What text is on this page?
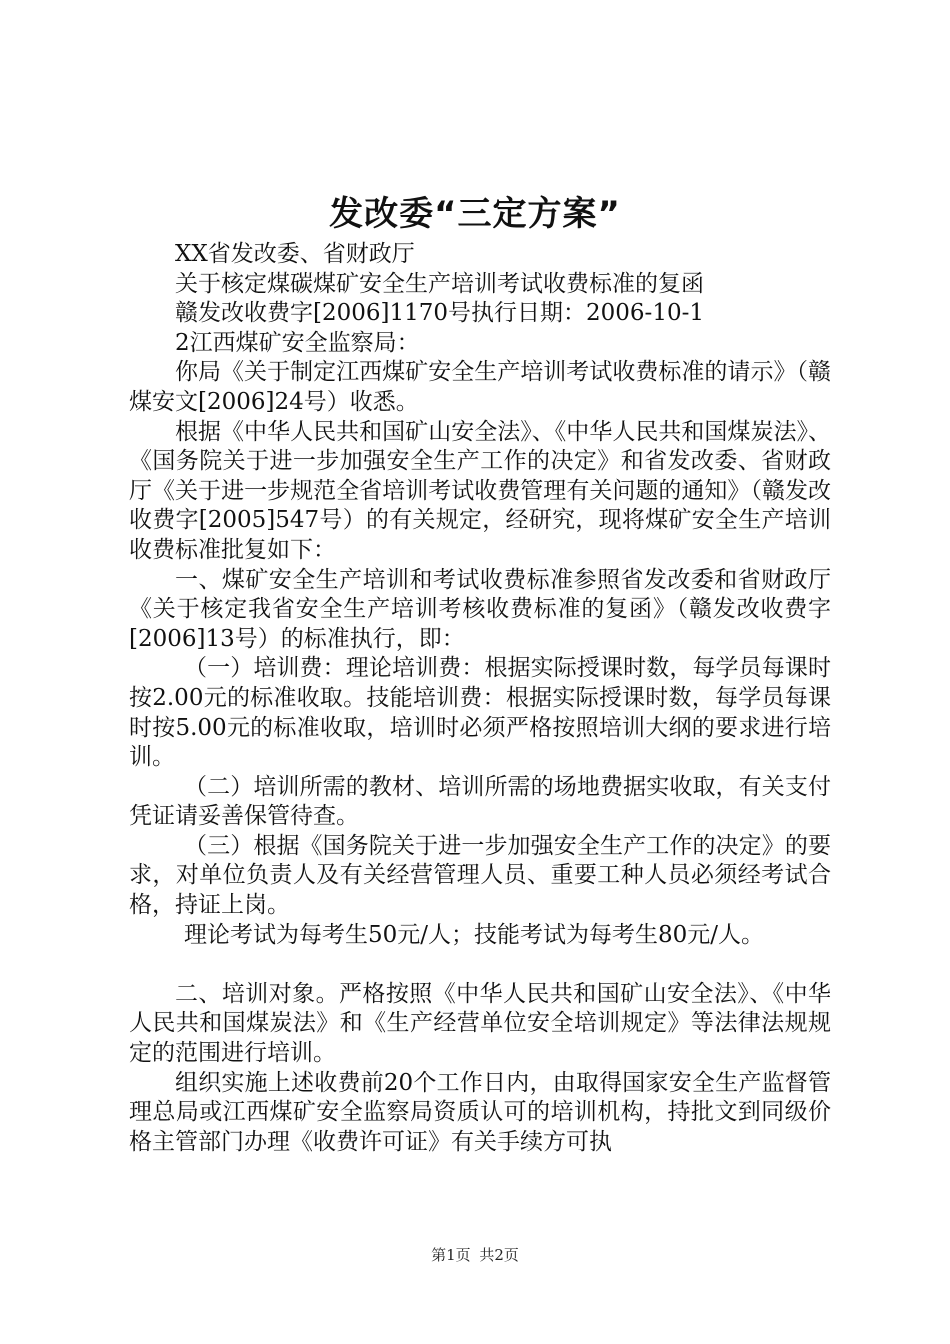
发改委“三定方案”

XX省发改委、省财政厅

关于核定煤碳煤矿安全生产培训考试收费标准的复函

赣发改收费字[2006]1170号执行日期：2006-10-1

2江西煤矿安全监察局：

你局《关于制定江西煤矿安全生产培训考试收费标准的请示》（赣煤安文[2006]24号）收悉。

根据《中华人民共和国矿山安全法》、《中华人民共和国煤炭法》、《国务院关于进一步加强安全生产工作的决定》和省发改委、省财政厅《关于进一步规范全省培训考试收费管理有关问题的通知》（赣发改收费字[2005]547号）的有关规定，经研究，现将煤矿安全生产培训收费标准批复如下：

一、煤矿安全生产培训和考试收费标准参照省发改委和省财政厅《关于核定我省安全生产培训考核收费标准的复函》（赣发改收费字[2006]13号）的标准执行，即：

（一）培训费：理论培训费：根据实际授课时数，每学员每课时按2.00元的标准收取。技能培训费：根据实际授课时数，每学员每课时按5.00元的标准收取，培训时必须严格按照培训大纲的要求进行培训。

（二）培训所需的教材、培训所需的场地费据实收取，有关支付凭证请妥善保管待查。

（三）根据《国务院关于进一步加强安全生产工作的决定》的要求，对单位负责人及有关经营管理人员、重要工种人员必须经考试合格，持证上岗。

理论考试为每考生50元/人；技能考试为每考生80元/人。

二、培训对象。严格按照《中华人民共和国矿山安全法》、《中华人民共和国煤炭法》和《生产经营单位安全培训规定》等法律法规规定的范围进行培训。

组织实施上述收费前20个工作日内，由取得国家安全生产监督管理总局或江西煤矿安全监察局资质认可的培训机构，持批文到同级价格主管部门办理《收费许可证》有关手续方可执

第1页 共2页
